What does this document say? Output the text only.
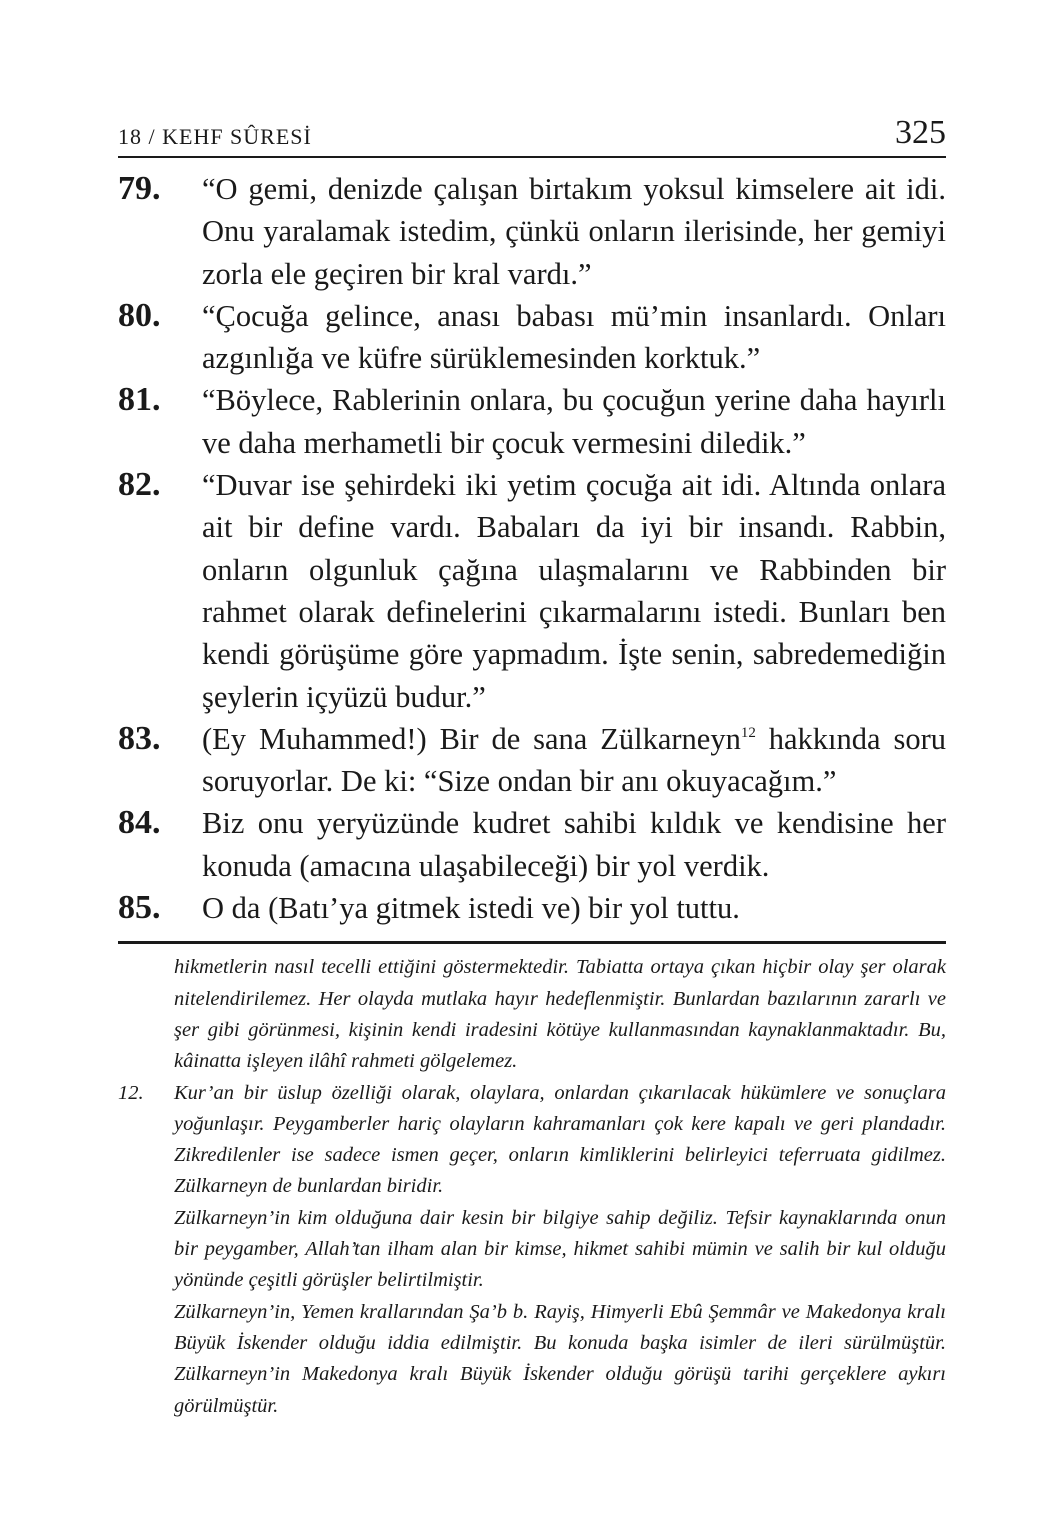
18 / KEHF SÛRESİ	325
79. “O gemi, denizde çalışan birtakım yoksul kimselere ait idi. Onu yaralamak istedim, çünkü onların ilerisinde, her gemiyi zorla ele geçiren bir kral vardı.”
80. “Çocuğa gelince, anası babası mü’min insanlardı. Onları azgınlığa ve küfre sürüklemesinden korktuk.”
81. “Böylece, Rablerinin onlara, bu çocuğun yerine daha hayırlı ve daha merhametli bir çocuk vermesini diledik.”
82. “Duvar ise şehirdeki iki yetim çocuğa ait idi. Altında onlara ait bir define vardı. Babaları da iyi bir insandı. Rabbin, onların olgunluk çağına ulaşmalarını ve Rabbinden bir rahmet olarak definelerini çıkarmalarını istedi. Bunları ben kendi görüşüme göre yapmadım. İşte senin, sabredemediğin şeylerin içyüzü budur.”
83. (Ey Muhammed!) Bir de sana Zülkarneyn$^{12}$ hakkında soru soruyorlar. De ki: “Size ondan bir anı okuyacağım.”
84. Biz onu yeryüzünde kudret sahibi kıldık ve kendisine her konuda (amacına ulaşabileceği) bir yol verdik.
85. O da (Batı’ya gitmek istedi ve) bir yol tuttu.
hikmetlerin nasıl tecelli ettiğini göstermektedir. Tabiatta ortaya çıkan hiçbir olay şer olarak nitelendirilemez. Her olayda mutlaka hayır hedeflenmiştir. Bunlardan bazılarının zararlı ve şer gibi görünmesi, kişinin kendi iradesini kötüye kullanmasından kaynaklanmaktadır. Bu, kâinatta işleyen ilâhî rahmeti gölgelemez.
12. Kur’an bir üslup özelliği olarak, olaylara, onlardan çıkarılacak hükümlere ve sonuçlara yoğunlaşır. Peygamberler hariç olayların kahramanları çok kere kapalı ve geri plandadır. Zikredilenler ise sadece ismen geçer, onların kimliklerini belirleyici teferruata gidilmez. Zülkarneyn de bunlardan biridir.
Zülkarneyn’in kim olduğuna dair kesin bir bilgiye sahip değiliz. Tefsir kaynaklarında onun bir peygamber, Allah’tan ilham alan bir kimse, hikmet sahibi mümin ve salih bir kul olduğu yönünde çeşitli görüşler belirtilmiştir.
Zülkarneyn’in, Yemen krallarından Şa’b b. Rayiş, Himyerli Ebû Şemmâr ve Makedonya kralı Büyük İskender olduğu iddia edilmiştir. Bu konuda başka isimler de ileri sürülmüştür. Zülkarneyn’in Makedonya kralı Büyük İskender olduğu görüşü tarihi gerçeklere aykırı görülmüştür.
